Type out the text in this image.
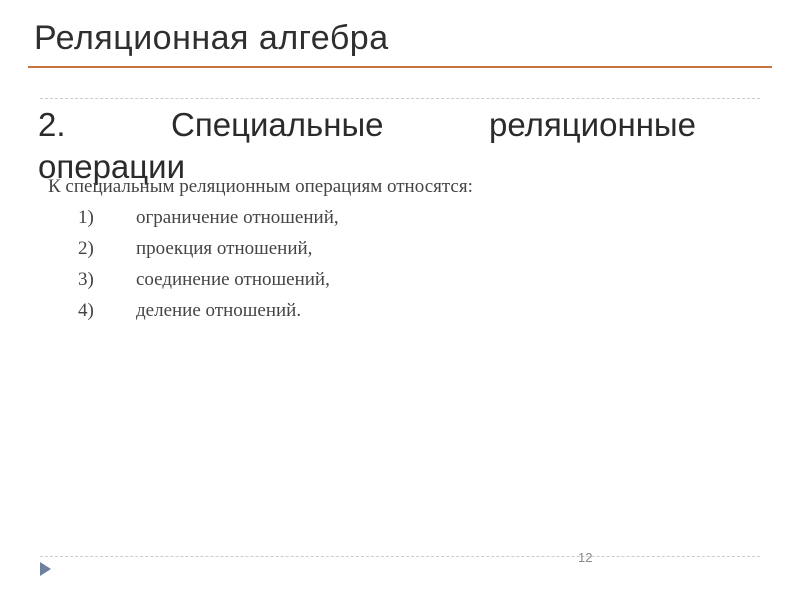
Реляционная алгебра
2. Специальные реляционные
операции
К специальным реляционным операциям относятся:
1) ограничение отношений,
2) проекция отношений,
3) соединение отношений,
4) деление отношений.
12
